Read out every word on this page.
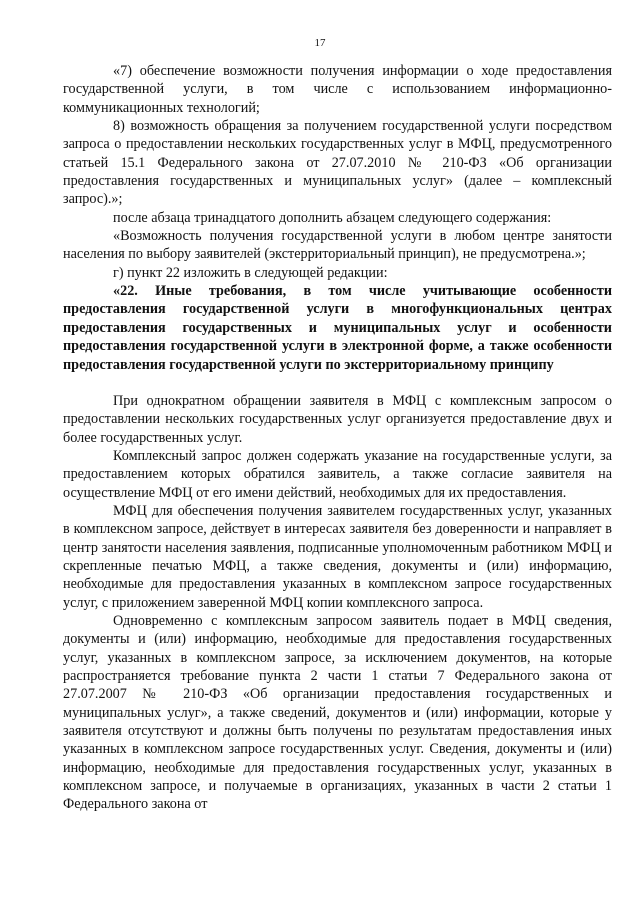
17

«7) обеспечение возможности получения информации о ходе предоставления государственной услуги, в том числе с использованием информационно-коммуникационных технологий;

8) возможность обращения за получением государственной услуги посредством запроса о предоставлении нескольких государственных услуг в МФЦ, предусмотренного статьей 15.1 Федерального закона от 27.07.2010 № 210-ФЗ «Об организации предоставления государственных и муниципальных услуг» (далее – комплексный запрос).»;

после абзаца тринадцатого дополнить абзацем следующего содержания:

«Возможность получения государственной услуги в любом центре занятости населения по выбору заявителей (экстерриториальный принцип), не предусмотрена.»;

г) пункт 22 изложить в следующей редакции:

«22. Иные требования, в том числе учитывающие особенности предоставления государственной услуги в многофункциональных центрах предоставления государственных и муниципальных услуг и особенности предоставления государственной услуги в электронной форме, а также особенности предоставления государственной услуги по экстерриториальному принципу

При однократном обращении заявителя в МФЦ с комплексным запросом о предоставлении нескольких государственных услуг организуется предоставление двух и более государственных услуг.

Комплексный запрос должен содержать указание на государственные услуги, за предоставлением которых обратился заявитель, а также согласие заявителя на осуществление МФЦ от его имени действий, необходимых для их предоставления.

МФЦ для обеспечения получения заявителем государственных услуг, указанных в комплексном запросе, действует в интересах заявителя без доверенности и направляет в центр занятости населения заявления, подписанные уполномоченным работником МФЦ и скрепленные печатью МФЦ, а также сведения, документы и (или) информацию, необходимые для предоставления указанных в комплексном запросе государственных услуг, с приложением заверенной МФЦ копии комплексного запроса.

Одновременно с комплексным запросом заявитель подает в МФЦ сведения, документы и (или) информацию, необходимые для предоставления государственных услуг, указанных в комплексном запросе, за исключением документов, на которые распространяется требование пункта 2 части 1 статьи 7 Федерального закона от 27.07.2007 № 210-ФЗ «Об организации предоставления государственных и муниципальных услуг», а также сведений, документов и (или) информации, которые у заявителя отсутствуют и должны быть получены по результатам предоставления иных указанных в комплексном запросе государственных услуг. Сведения, документы и (или) информацию, необходимые для предоставления государственных услуг, указанных в комплексном запросе, и получаемые в организациях, указанных в части 2 статьи 1 Федерального закона от
